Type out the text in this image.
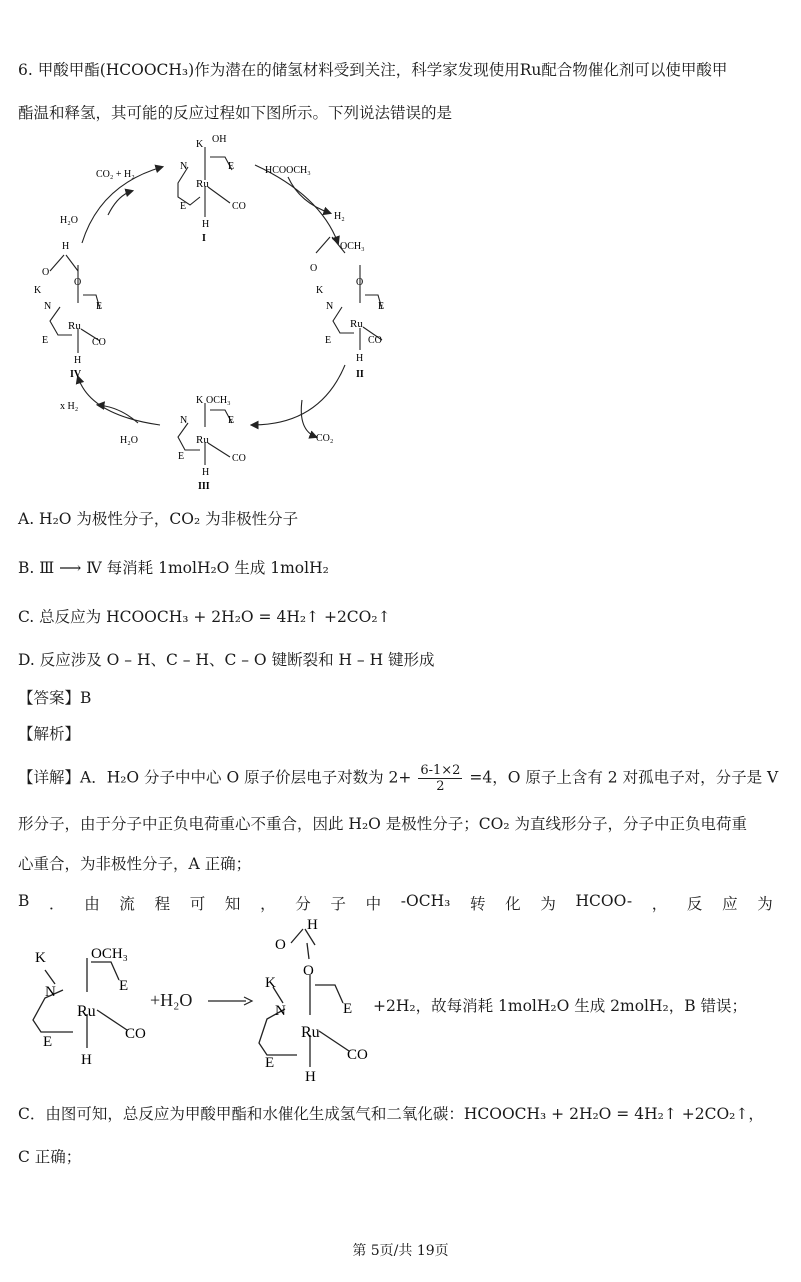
6. 甲酸甲酯(HCOOCH₃)作为潜在的储氢材料受到关注，科学家发现使用Ru配合物催化剂可以使甲酸甲
酯温和释氢，其可能的反应过程如下图所示。下列说法错误的是
K OH
N	E
Ru
CO
E
H
I
OCH₃
O
O
K
N	E
Ru
CO
E
H
II
K OCH₃
N	E
Ru
CO
E
H
III
H
O
O
K
N	E
Ru
CO
E
H
IV
HCOOCH₃
H₂
CO₂
x H₂
H₂O
CO₂ + H₂
H₂O
A. H₂O 为极性分子，CO₂ 为非极性分子
B. Ⅲ ⟶ Ⅳ 每消耗 1molH₂O 生成 1molH₂
C. 总反应为 HCOOCH₃ + 2H₂O = 4H₂↑ +2CO₂↑
D. 反应涉及 O – H、C – H、C – O 键断裂和 H – H 键形成
【答案】B
【解析】
【详解】A．H₂O 分子中中心 O 原子价层电子对数为 $2+ \frac{6-1\times 2}{2} =4$，O 原子上含有 2 对孤电子对，分子是 V
形分子，由于分子中正负电荷重心不重合，因此 H₂O 是极性分子；CO₂ 为直线形分子，分子中正负电荷重
心重合，为非极性分子，A 正确；
B ． 由 流 程 可 知 ， 分 子 中 -OCH₃ 转 化 为 HCOO- ， 反 应 为
K	OCH₃
N	E
Ru
CO
E
H
+H₂O →
H
O
O
K
N	E
Ru
CO
E
H
+2H₂，故每消耗 1molH₂O 生成 2molH₂，B 错误；
C．由图可知，总反应为甲酸甲酯和水催化生成氢气和二氧化碳：HCOOCH₃ + 2H₂O = 4H₂↑ +2CO₂↑，
C 正确；
第 5页/共 19页
